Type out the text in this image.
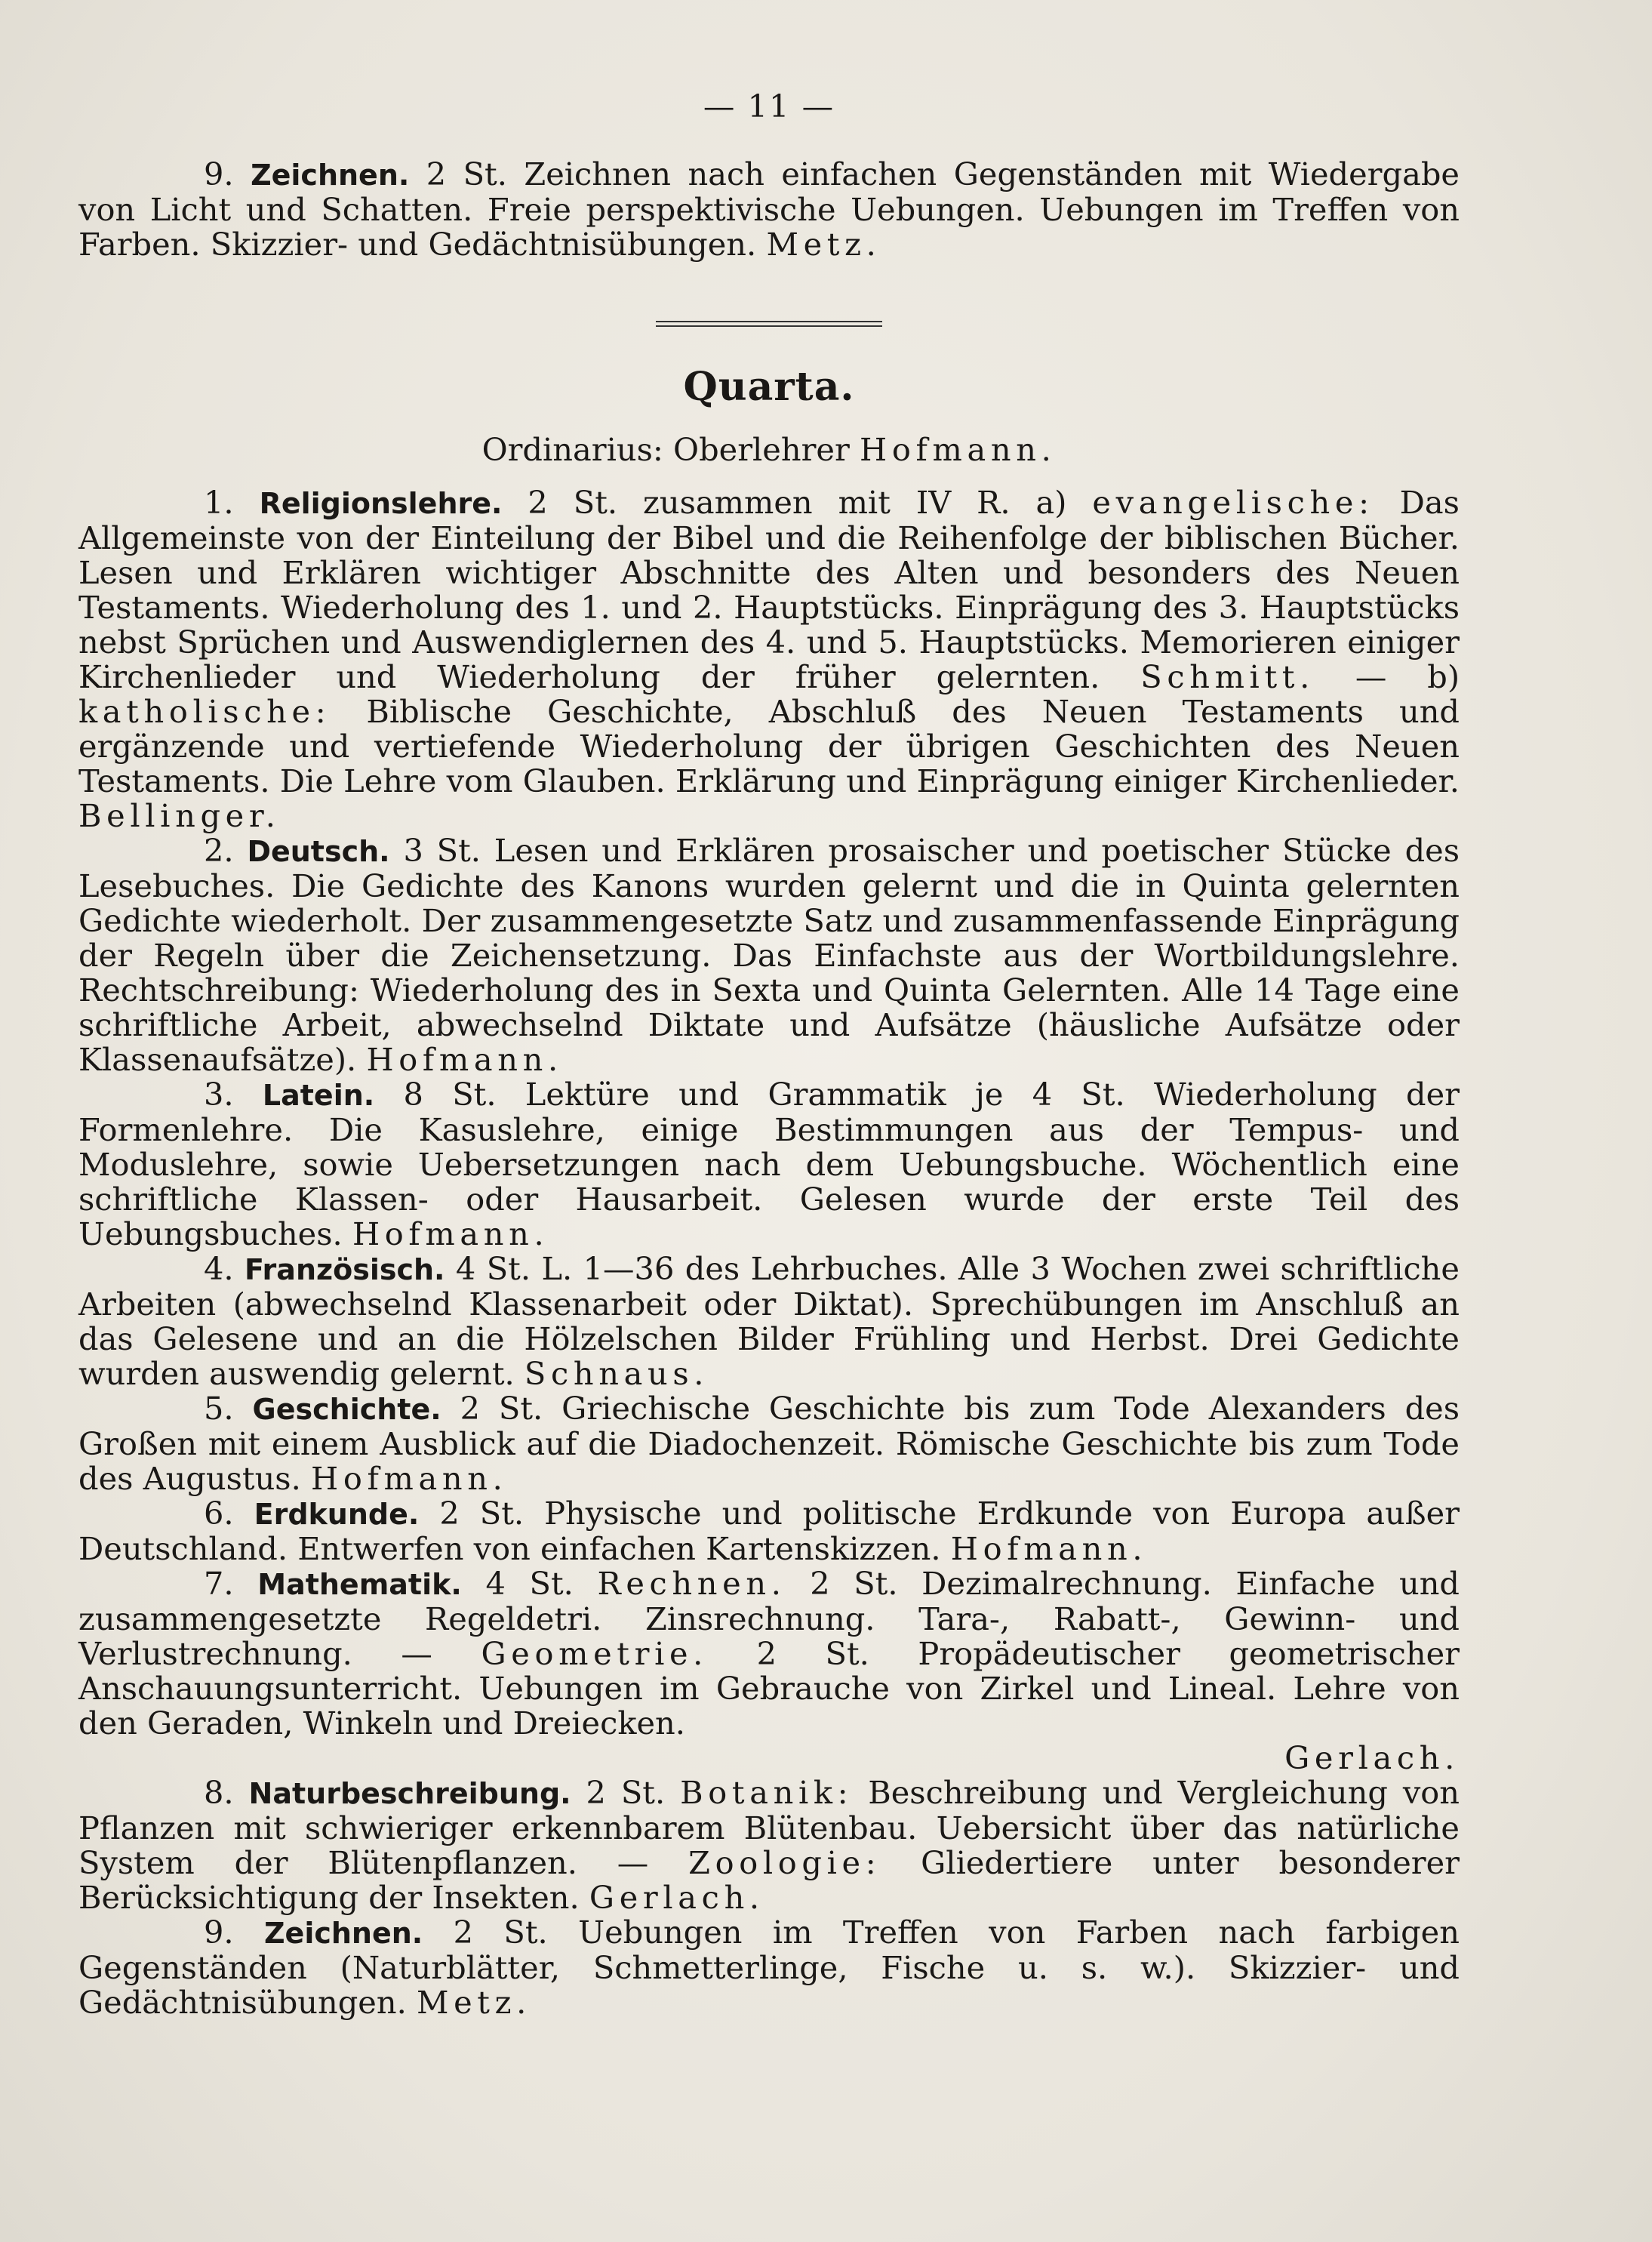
— 11 —

9. Zeichnen. 2 St. Zeichnen nach einfachen Gegenständen mit Wiedergabe von Licht und Schatten. Freie perspektivische Uebungen. Uebungen im Treffen von Farben. Skizzier- und Gedächtnisübungen. Metz.

Quarta.
Ordinarius: Oberlehrer Hofmann.

1. Religionslehre. 2 St. zusammen mit IV R. a) evangelische: Das Allgemeinste von der Einteilung der Bibel und die Reihenfolge der biblischen Bücher. Lesen und Erklären wichtiger Abschnitte des Alten und besonders des Neuen Testaments. Wiederholung des 1. und 2. Hauptstücks. Einprägung des 3. Hauptstücks nebst Sprüchen und Auswendiglernen des 4. und 5. Hauptstücks. Memorieren einiger Kirchenlieder und Wiederholung der früher gelernten. Schmitt. — b) katholische: Biblische Geschichte, Abschluß des Neuen Testaments und ergänzende und vertiefende Wiederholung der übrigen Geschichten des Neuen Testaments. Die Lehre vom Glauben. Erklärung und Einprägung einiger Kirchenlieder. Bellinger.

2. Deutsch. 3 St. Lesen und Erklären prosaischer und poetischer Stücke des Lesebuches. Die Gedichte des Kanons wurden gelernt und die in Quinta gelernten Gedichte wiederholt. Der zusammengesetzte Satz und zusammenfassende Einprägung der Regeln über die Zeichensetzung. Das Einfachste aus der Wortbildungslehre. Rechtschreibung: Wiederholung des in Sexta und Quinta Gelernten. Alle 14 Tage eine schriftliche Arbeit, abwechselnd Diktate und Aufsätze (häusliche Aufsätze oder Klassenaufsätze). Hofmann.

3. Latein. 8 St. Lektüre und Grammatik je 4 St. Wiederholung der Formenlehre. Die Kasuslehre, einige Bestimmungen aus der Tempus- und Moduslehre, sowie Uebersetzungen nach dem Uebungsbuche. Wöchentlich eine schriftliche Klassen- oder Hausarbeit. Gelesen wurde der erste Teil des Uebungsbuches. Hofmann.

4. Französisch. 4 St. L. 1—36 des Lehrbuches. Alle 3 Wochen zwei schriftliche Arbeiten (abwechselnd Klassenarbeit oder Diktat). Sprechübungen im Anschluß an das Gelesene und an die Hölzelschen Bilder Frühling und Herbst. Drei Gedichte wurden auswendig gelernt. Schnaus.

5. Geschichte. 2 St. Griechische Geschichte bis zum Tode Alexanders des Großen mit einem Ausblick auf die Diadochenzeit. Römische Geschichte bis zum Tode des Augustus. Hofmann.

6. Erdkunde. 2 St. Physische und politische Erdkunde von Europa außer Deutschland. Entwerfen von einfachen Kartenskizzen. Hofmann.

7. Mathematik. 4 St. Rechnen. 2 St. Dezimalrechnung. Einfache und zusammengesetzte Regeldetri. Zinsrechnung. Tara-, Rabatt-, Gewinn- und Verlustrechnung. — Geometrie. 2 St. Propädeutischer geometrischer Anschauungsunterricht. Uebungen im Gebrauche von Zirkel und Lineal. Lehre von den Geraden, Winkeln und Dreiecken.

Gerlach.

8. Naturbeschreibung. 2 St. Botanik: Beschreibung und Vergleichung von Pflanzen mit schwieriger erkennbarem Blütenbau. Uebersicht über das natürliche System der Blütenpflanzen. — Zoologie: Gliedertiere unter besonderer Berücksichtigung der Insekten. Gerlach.

9. Zeichnen. 2 St. Uebungen im Treffen von Farben nach farbigen Gegenständen (Naturblätter, Schmetterlinge, Fische u. s. w.). Skizzier- und Gedächtnisübungen. Metz.
